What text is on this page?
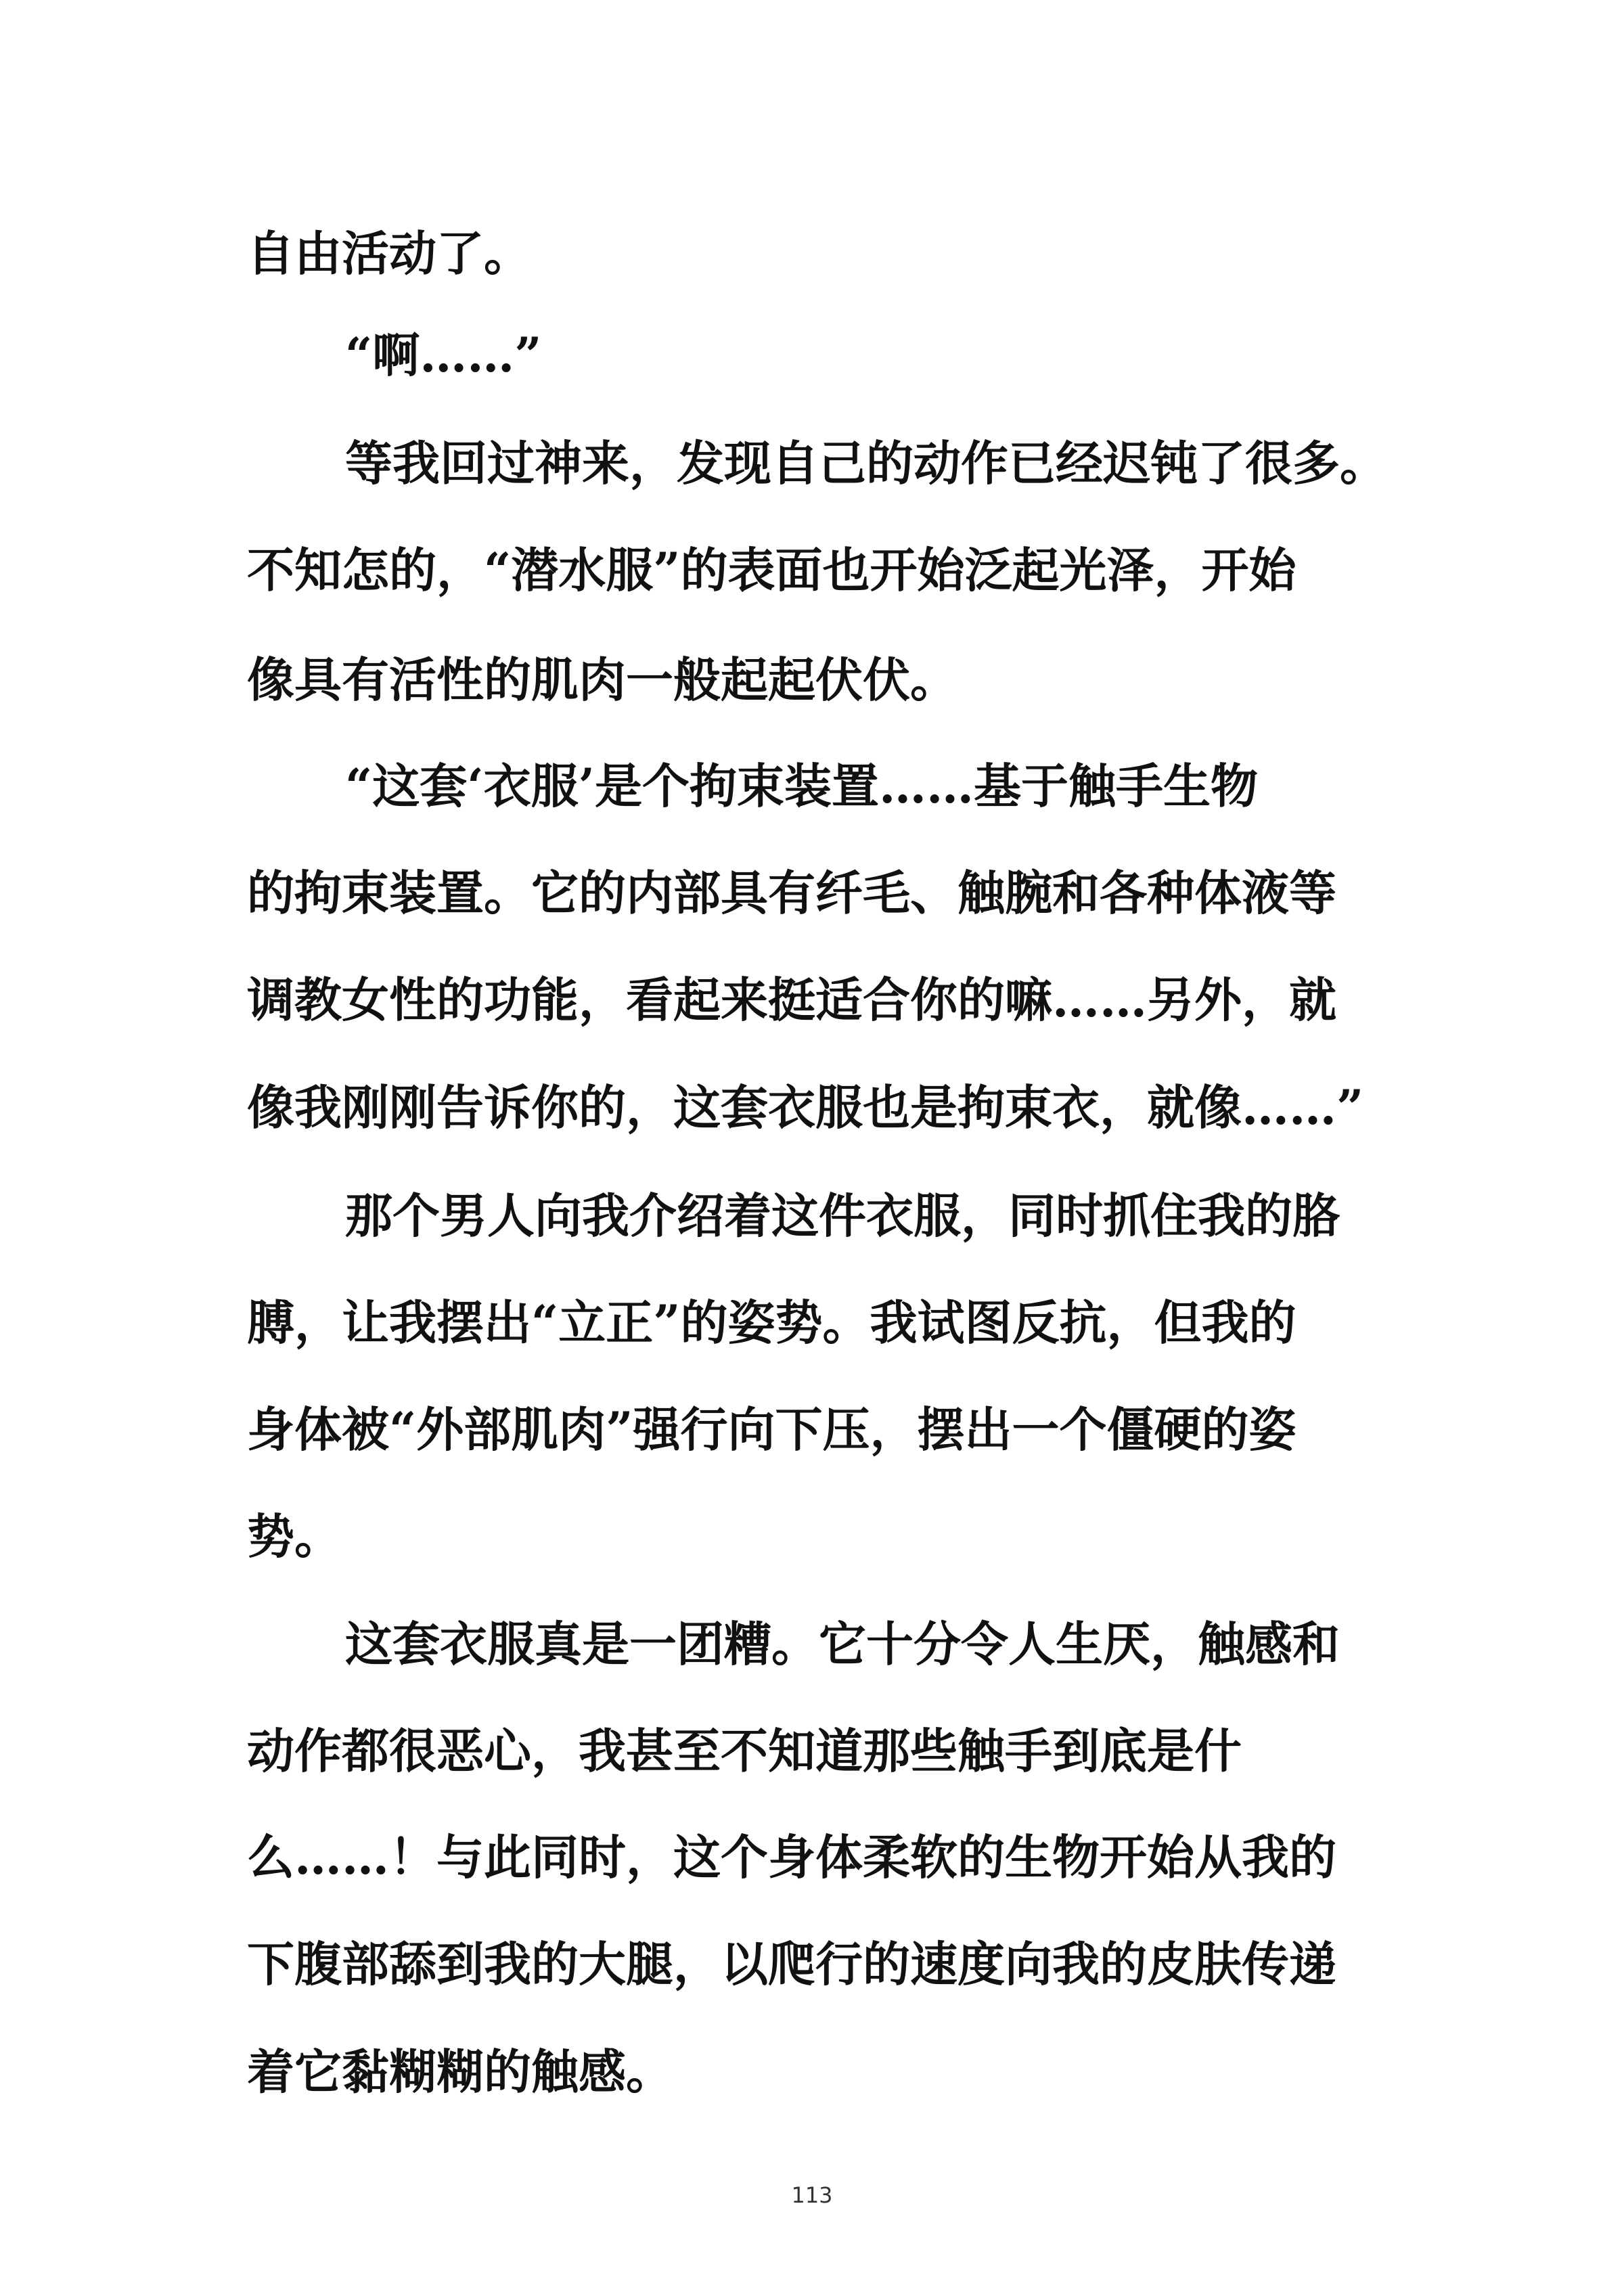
自由活动了。
“啊……”
等我回过神来，发现自己的动作已经迟钝了很多。
不知怎的，“潜水服”的表面也开始泛起光泽，开始
像具有活性的肌肉一般起起伏伏。
“这套‘衣服’是个拘束装置……基于触手生物
的拘束装置。它的内部具有纤毛、触腕和各种体液等
调教女性的功能，看起来挺适合你的嘛……另外，就
像我刚刚告诉你的，这套衣服也是拘束衣，就像……”
那个男人向我介绍着这件衣服，同时抓住我的胳
膊，让我摆出“立正”的姿势。我试图反抗，但我的
身体被“外部肌肉”强行向下压，摆出一个僵硬的姿
势。
这套衣服真是一团糟。它十分令人生厌，触感和
动作都很恶心，我甚至不知道那些触手到底是什
么……！与此同时，这个身体柔软的生物开始从我的
下腹部舔到我的大腿，以爬行的速度向我的皮肤传递
着它黏糊糊的触感。
113
